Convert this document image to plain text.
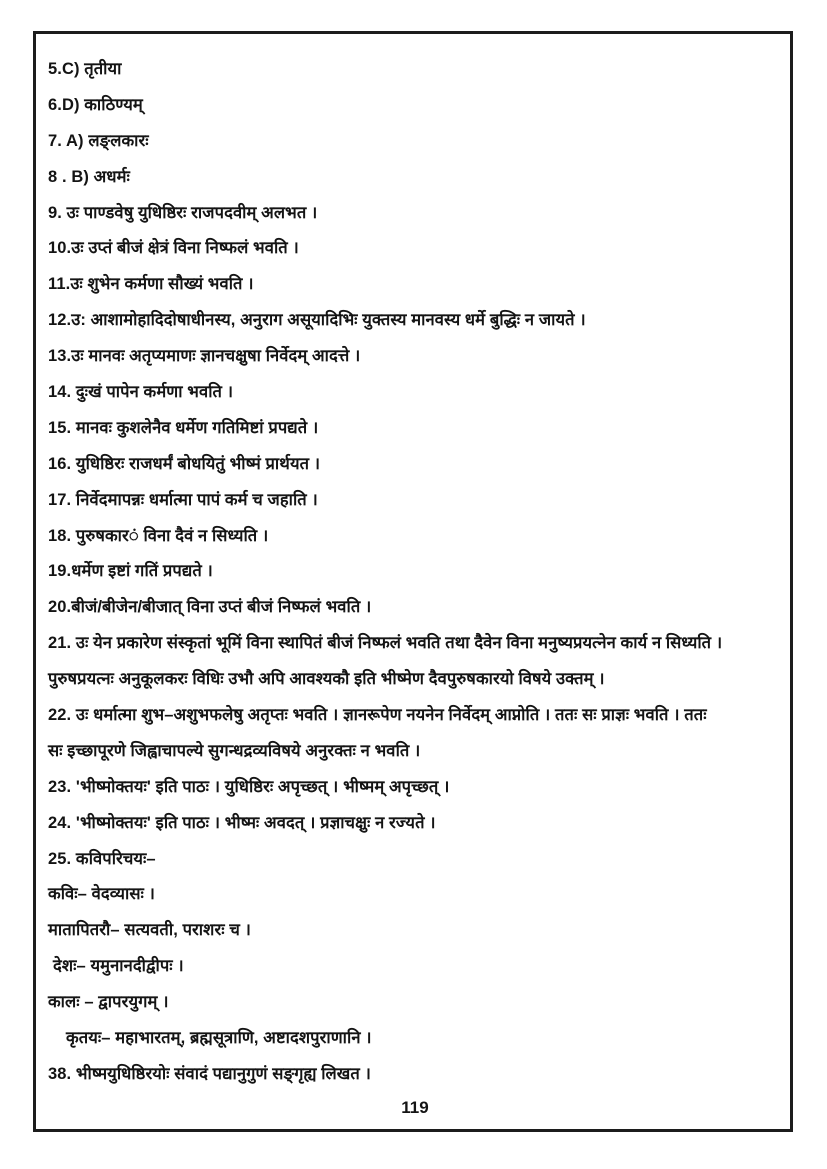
5.C) तृतीया
6.D) काठिण्यम्
7. A) लङ्लकारः
8 . B) अधर्मः
9. उः पाण्डवेषु युधिष्ठिरः राजपदवीम् अलभत ।
10.उः उप्तं बीजं क्षेत्रं विना निष्फलं भवति ।
11.उः शुभेन कर्मणा सौख्यं भवति ।
12.उ: आशामोहादिदोषाधीनस्य, अनुराग असूयादिभिः युक्तस्य मानवस्य धर्मे बुद्धिः न जायते ।
13.उः मानवः अतृप्यमाणः ज्ञानचक्षुषा निर्वेदम् आदत्ते ।
14. दुःखं पापेन कर्मणा भवति ।
15. मानवः कुशलेनैव धर्मेण गतिमिष्टां प्रपद्यते ।
16. युधिष्ठिरः राजधर्मं बोधयितुं भीष्मं प्रार्थयत ।
17. निर्वेदमापन्नः धर्मात्मा पापं कर्म च जहाति ।
18. पुरुषकार◌ं विना दैवं न सिध्यति ।
19.धर्मेण इष्टां गतिं प्रपद्यते ।
20.बीजं/बीजेन/बीजात् विना उप्तं बीजं निष्फलं भवति ।
21. उः येन प्रकारेण संस्कृतां भूमिं विना स्थापितं बीजं निष्फलं भवति तथा दैवेन विना मनुष्यप्रयत्नेन कार्य न सिध्यति ।
पुरुषप्रयत्नः अनुकूलकरः विधिः उभौ अपि आवश्यकौ इति भीष्मेण दैवपुरुषकारयो विषये उक्तम् ।
22. उः धर्मात्मा शुभ–अशुभफलेषु अतृप्तः भवति । ज्ञानरूपेण नयनेन निर्वेदम् आप्नोति । ततः सः प्राज्ञः भवति । ततः
सः इच्छापूरणे जिह्वाचापल्ये सुगन्धद्रव्यविषये अनुरक्तः न भवति ।
23. 'भीष्मोक्तयः' इति पाठः । युधिष्ठिरः अपृच्छत् । भीष्मम् अपृच्छत् ।
24. 'भीष्मोक्तयः' इति पाठः । भीष्मः अवदत् । प्रज्ञाचक्षुः न रज्यते ।
25. कविपरिचयः–
कविः– वेदव्यासः ।
मातापितरौ– सत्यवती, पराशरः च ।
देशः– यमुनानदीद्वीपः ।
कालः – द्वापरयुगम् ।
कृतयः– महाभारतम्, ब्रह्मसूत्राणि, अष्टादशपुराणानि ।
38. भीष्मयुधिष्ठिरयोः संवादं पद्यानुगुणं सङ्गृह्य लिखत ।
119
